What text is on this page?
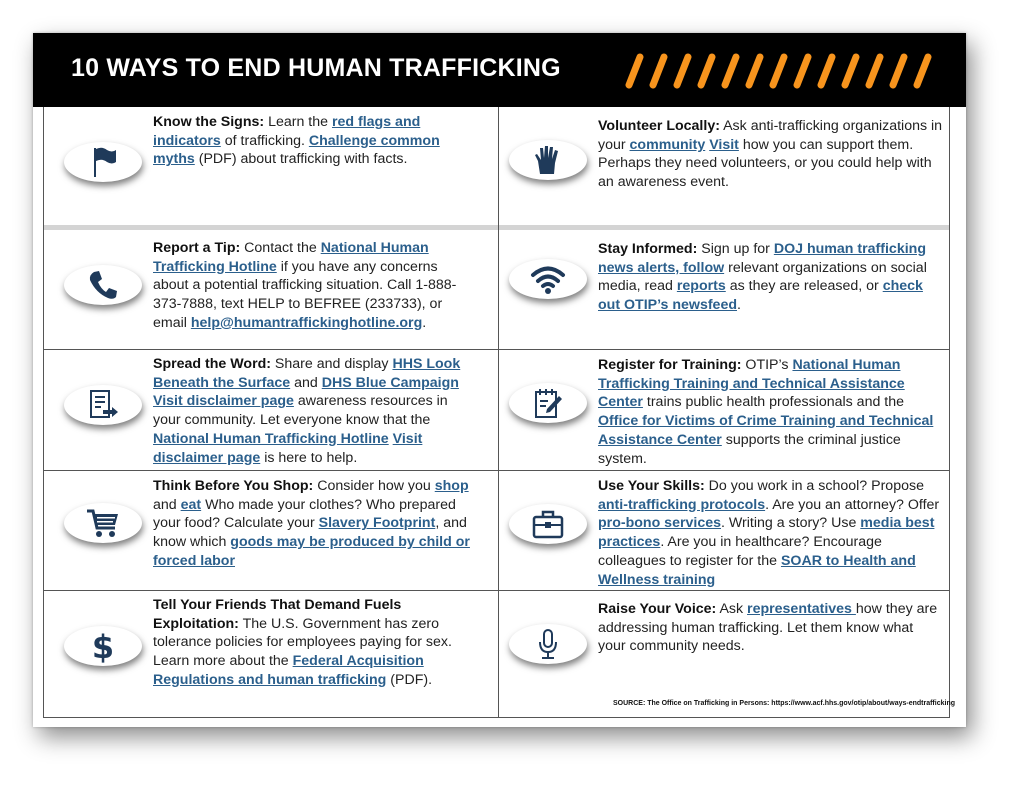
10 WAYS TO END HUMAN TRAFFICKING
Know the Signs: Learn the red flags and indicators of trafficking. Challenge common myths (PDF) about trafficking with facts.
Volunteer Locally: Ask anti-trafficking organizations in your community Visit how you can support them. Perhaps they need volunteers, or you could help with an awareness event.
Report a Tip: Contact the National Human Trafficking Hotline if you have any concerns about a potential trafficking situation. Call 1-888-373-7888, text HELP to BEFREE (233733), or email help@humantraffickinghotline.org.
Stay Informed: Sign up for DOJ human trafficking news alerts, follow relevant organizations on social media, read reports as they are released, or check out OTIP’s newsfeed.
Spread the Word: Share and display HHS Look Beneath the Surface and DHS Blue Campaign Visit disclaimer page awareness resources in your community. Let everyone know that the National Human Trafficking Hotline Visit disclaimer page is here to help.
Register for Training: OTIP’s National Human Trafficking Training and Technical Assistance Center trains public health professionals and the Office for Victims of Crime Training and Technical Assistance Center supports the criminal justice system.
Think Before You Shop: Consider how you shop and eat Who made your clothes? Who prepared your food? Calculate your Slavery Footprint, and know which goods may be produced by child or forced labor
Use Your Skills: Do you work in a school? Propose anti-trafficking protocols. Are you an attorney? Offer pro-bono services. Writing a story? Use media best practices. Are you in healthcare? Encourage colleagues to register for the SOAR to Health and Wellness training
$
Tell Your Friends That Demand Fuels Exploitation: The U.S. Government has zero tolerance policies for employees paying for sex. Learn more about the Federal Acquisition Regulations and human trafficking (PDF).
Raise Your Voice: Ask representatives how they are addressing human trafficking. Let them know what your community needs.
SOURCE: The Office on Trafficking in Persons: https://www.acf.hhs.gov/otip/about/ways-endtrafficking
